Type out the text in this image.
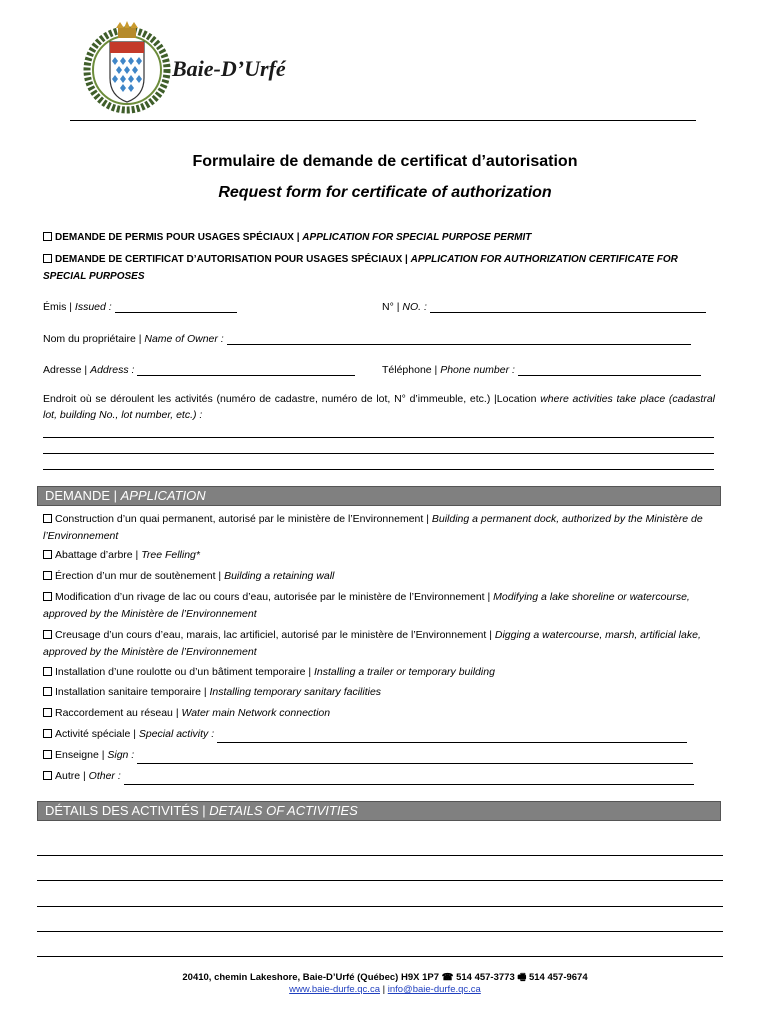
Baie-D’Urfé
Formulaire de demande de certificat d’autorisation
Request form for certificate of authorization
DEMANDE DE PERMIS POUR USAGES SPÉCIAUX | APPLICATION FOR SPECIAL PURPOSE PERMIT
DEMANDE DE CERTIFICAT D’AUTORISATION POUR USAGES SPÉCIAUX | APPLICATION FOR AUTHORIZATION CERTIFICATE FOR SPECIAL PURPOSES
Émis | Issued :	N° | NO. :
Nom du propriétaire | Name of Owner :
Adresse | Address :	Téléphone | Phone number :
Endroit où se déroulent les activités (numéro de cadastre, numéro de lot, N° d’immeuble, etc.) |Location where activities take place (cadastral lot, building No., lot number, etc.) :
DEMANDE | APPLICATION
Construction d’un quai permanent, autorisé par le ministère de l’Environnement | Building a permanent dock, authorized by the Ministère de l’Environnement
Abattage d’arbre | Tree Felling*
Érection d’un mur de soutènement | Building a retaining wall
Modification d’un rivage de lac ou cours d’eau, autorisée par le ministère de l’Environnement | Modifying a lake shoreline or watercourse, approved by the Ministère de l’Environnement
Creusage d’un cours d’eau, marais, lac artificiel, autorisé par le ministère de l’Environnement | Digging a watercourse, marsh, artificial lake, approved by the Ministère de l’Environnement
Installation d’une roulotte ou d’un bâtiment temporaire | Installing a trailer or temporary building
Installation sanitaire temporaire | Installing temporary sanitary facilities
Raccordement au réseau | Water main Network connection
Activité spéciale | Special activity :
Enseigne | Sign :
Autre | Other :
DÉTAILS DES ACTIVITÉS | DETAILS OF ACTIVITIES
20410, chemin Lakeshore, Baie-D’Urfé (Québec) H9X 1P7 ☎ 514 457-3773 🖷 514 457-9674
www.baie-durfe.qc.ca | info@baie-durfe.qc.ca
